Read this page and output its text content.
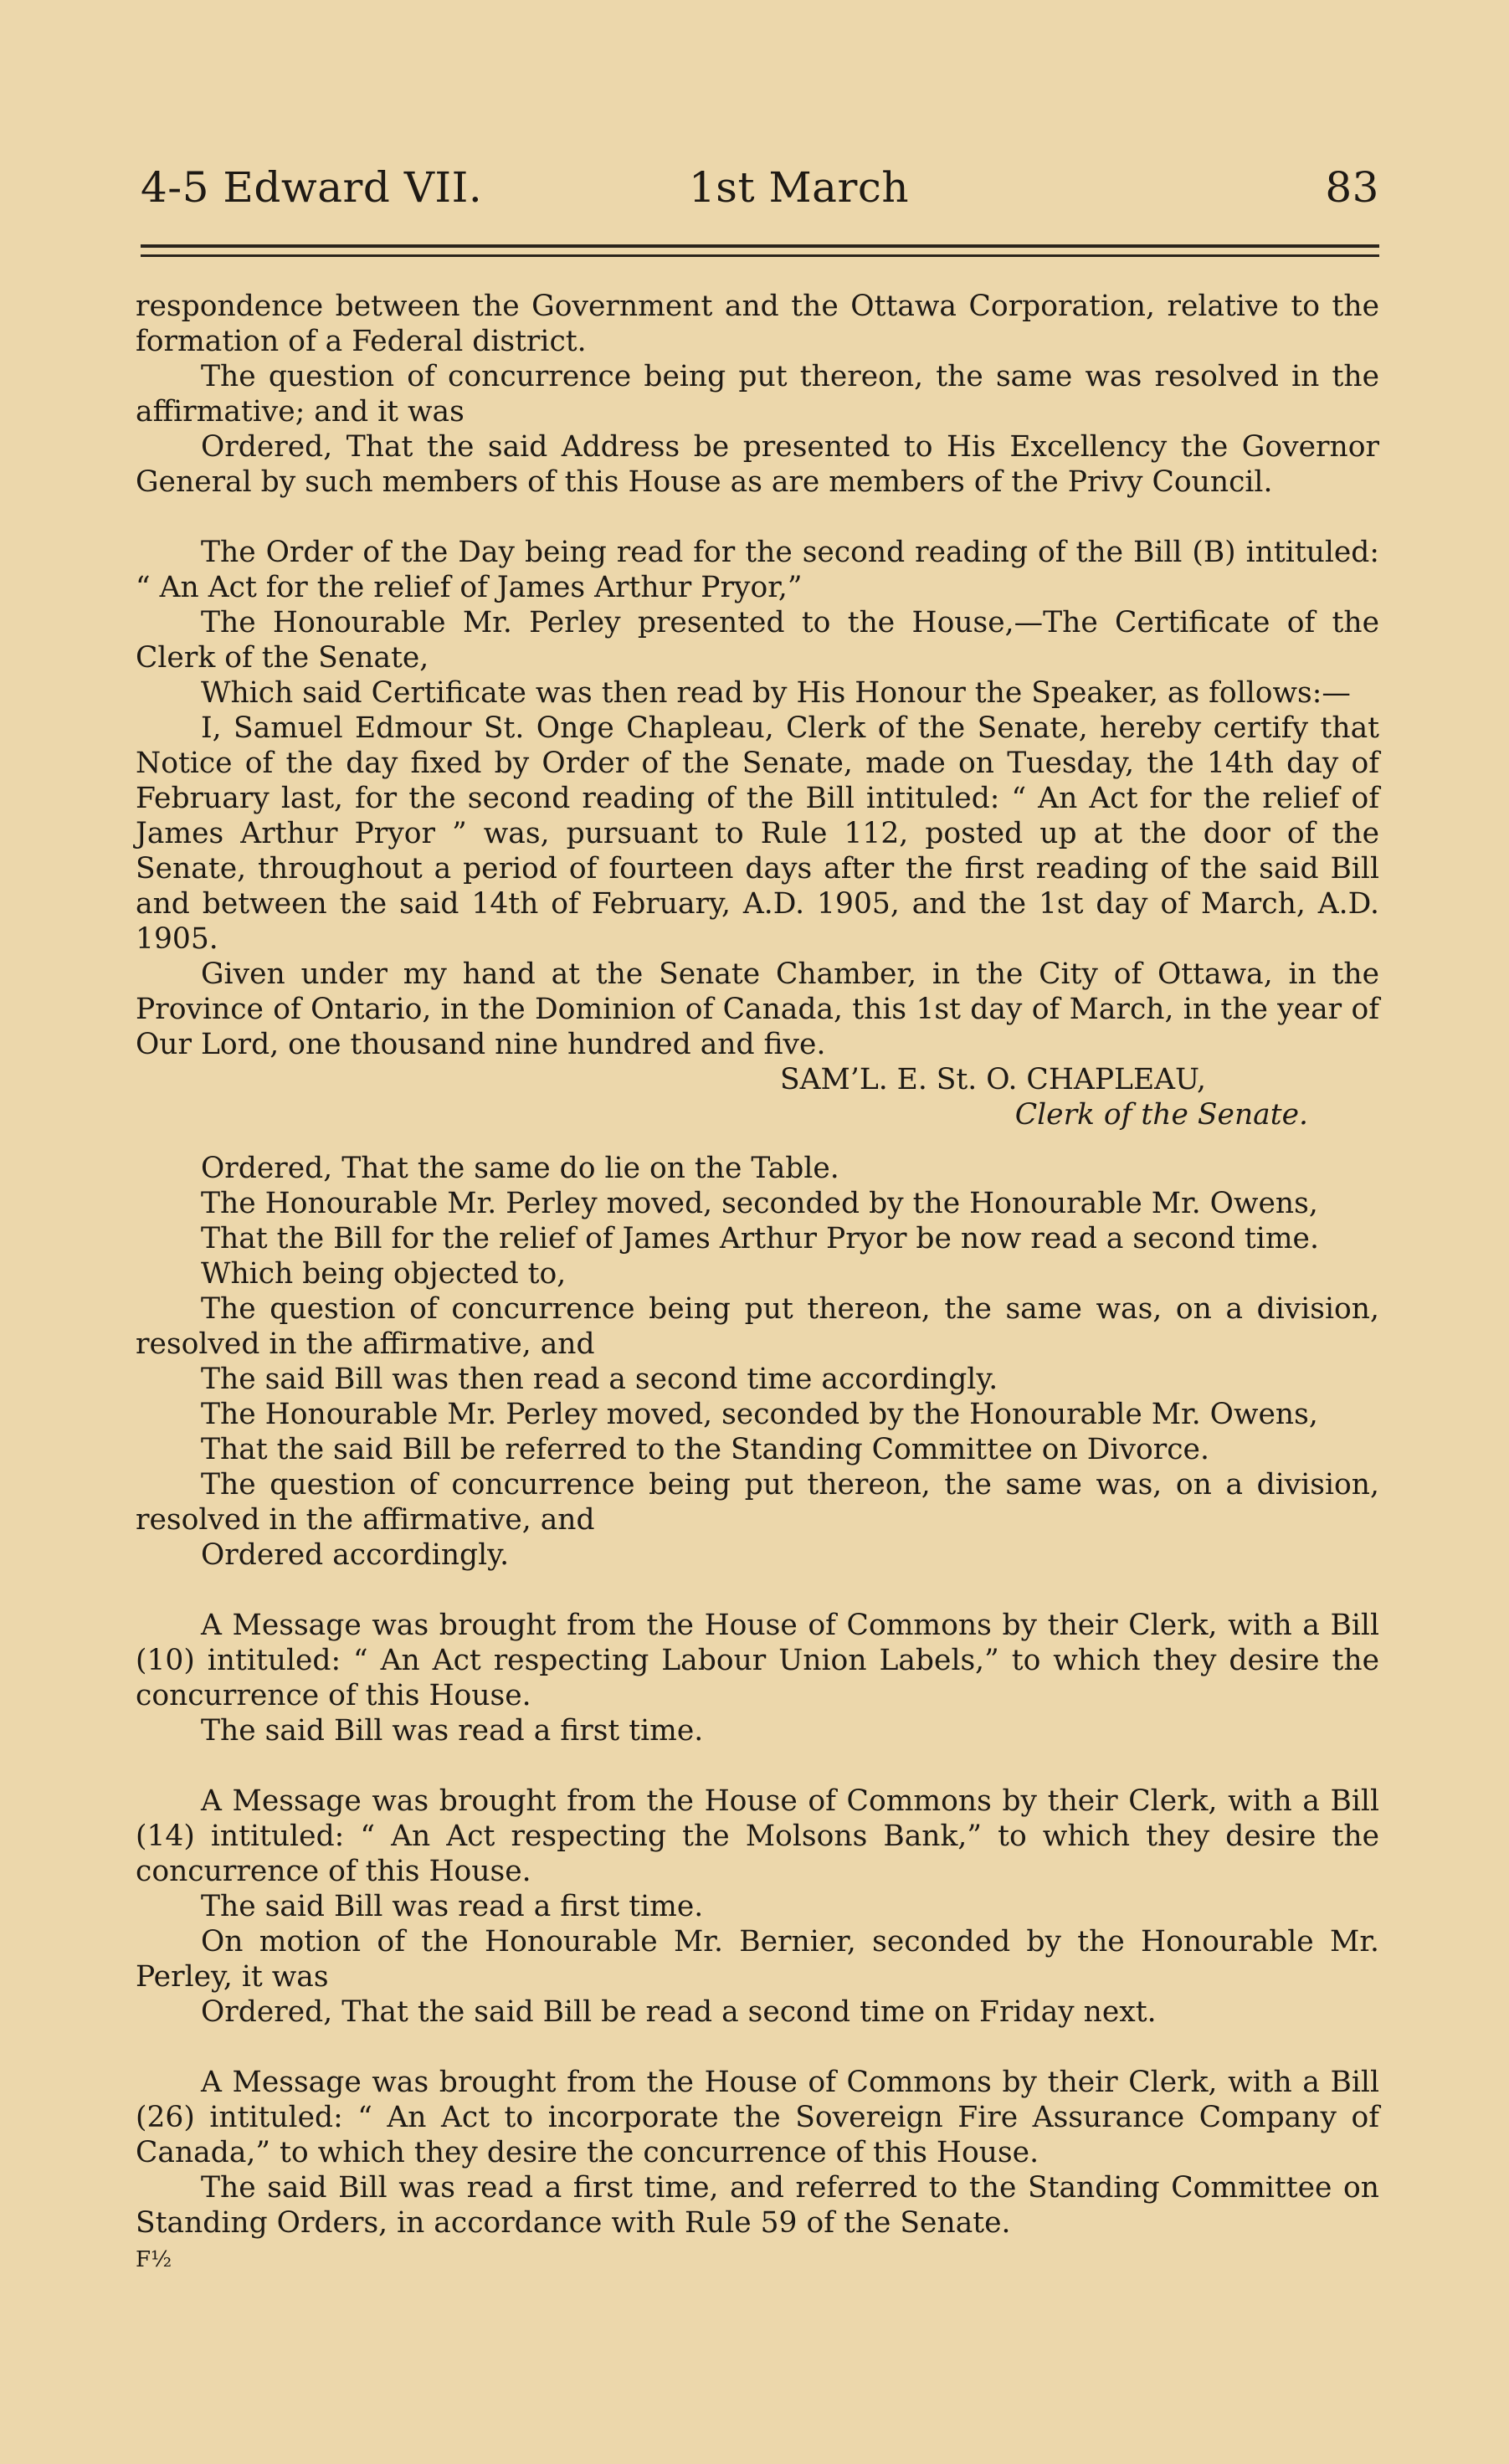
4-5 Edward VII.	1st March	83

respondence between the Government and the Ottawa Corporation, relative to the formation of a Federal district.

The question of concurrence being put thereon, the same was resolved in the affirmative; and it was

Ordered, That the said Address be presented to His Excellency the Governor General by such members of this House as are members of the Privy Council.

The Order of the Day being read for the second reading of the Bill (B) intituled: “ An Act for the relief of James Arthur Pryor,”

The Honourable Mr. Perley presented to the House,—The Certificate of the Clerk of the Senate,

Which said Certificate was then read by His Honour the Speaker, as follows:—

I, Samuel Edmour St. Onge Chapleau, Clerk of the Senate, hereby certify that Notice of the day fixed by Order of the Senate, made on Tuesday, the 14th day of February last, for the second reading of the Bill intituled: “ An Act for the relief of James Arthur Pryor ” was, pursuant to Rule 112, posted up at the door of the Senate, throughout a period of fourteen days after the first reading of the said Bill and between the said 14th of February, A.D. 1905, and the 1st day of March, A.D. 1905.

Given under my hand at the Senate Chamber, in the City of Ottawa, in the Province of Ontario, in the Dominion of Canada, this 1st day of March, in the year of Our Lord, one thousand nine hundred and five.

SAM’L. E. St. O. CHAPLEAU,

Clerk of the Senate.

Ordered, That the same do lie on the Table.

The Honourable Mr. Perley moved, seconded by the Honourable Mr. Owens,

That the Bill for the relief of James Arthur Pryor be now read a second time.

Which being objected to,

The question of concurrence being put thereon, the same was, on a division, resolved in the affirmative, and

The said Bill was then read a second time accordingly.

The Honourable Mr. Perley moved, seconded by the Honourable Mr. Owens,

That the said Bill be referred to the Standing Committee on Divorce.

The question of concurrence being put thereon, the same was, on a division, resolved in the affirmative, and

Ordered accordingly.

A Message was brought from the House of Commons by their Clerk, with a Bill (10) intituled: “ An Act respecting Labour Union Labels,” to which they desire the concurrence of this House.

The said Bill was read a first time.

A Message was brought from the House of Commons by their Clerk, with a Bill (14) intituled: “ An Act respecting the Molsons Bank,” to which they desire the concurrence of this House.

The said Bill was read a first time.

On motion of the Honourable Mr. Bernier, seconded by the Honourable Mr. Perley, it was

Ordered, That the said Bill be read a second time on Friday next.

A Message was brought from the House of Commons by their Clerk, with a Bill (26) intituled: “ An Act to incorporate the Sovereign Fire Assurance Company of Canada,” to which they desire the concurrence of this House.

The said Bill was read a first time, and referred to the Standing Committee on Standing Orders, in accordance with Rule 59 of the Senate.

F½
